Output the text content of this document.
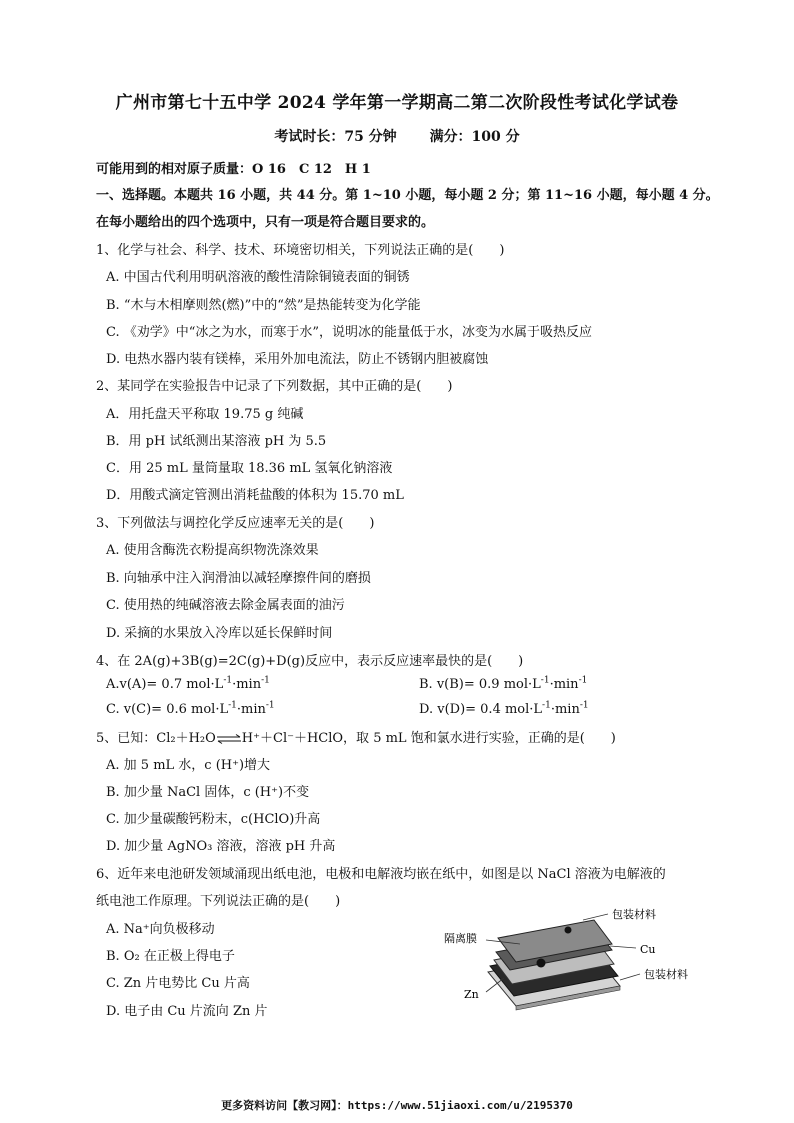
广州市第七十五中学 2024 学年第一学期高二第二次阶段性考试化学试卷
考试时长：75 分钟 满分：100 分
可能用到的相对原子质量：O 16　C 12　H 1
一、选择题。本题共 16 小题，共 44 分。第 1~10 小题，每小题 2 分；第 11~16 小题，每小题 4 分。
在每小题给出的四个选项中，只有一项是符合题目要求的。
1、化学与社会、科学、技术、环境密切相关，下列说法正确的是(　　)
A. 中国古代利用明矾溶液的酸性清除铜镜表面的铜锈
B. “木与木相摩则然(燃)”中的“然”是热能转变为化学能
C. 《劝学》中“冰之为水，而寒于水”，说明冰的能量低于水，冰变为水属于吸热反应
D. 电热水器内装有镁棒，采用外加电流法，防止不锈钢内胆被腐蚀
2、某同学在实验报告中记录了下列数据，其中正确的是(　　)
A．用托盘天平称取 19.75 g 纯碱
B．用 pH 试纸测出某溶液 pH 为 5.5
C．用 25 mL 量筒量取 18.36 mL 氢氧化钠溶液
D．用酸式滴定管测出消耗盐酸的体积为 15.70 mL
3、下列做法与调控化学反应速率无关的是(　　)
A. 使用含酶洗衣粉提高织物洗涤效果
B. 向轴承中注入润滑油以减轻摩擦件间的磨损
C. 使用热的纯碱溶液去除金属表面的油污
D. 采摘的水果放入冷库以延长保鲜时间
4、在 2A(g)+3B(g)=2C(g)+D(g)反应中，表示反应速率最快的是(　　)
A.v(A)= 0.7 $mol\cdot L^{-1}\cdot\min^{-1}$	B. v(B)= 0.9 $mol\cdot L^{-1}\cdot\min^{-1}$
C. v(C)= 0.6 $mol\cdot L^{-1}\cdot\min^{-1}$	D. v(D)= 0.4 $mol\cdot L^{-1}\cdot\min^{-1}$
5、已知：Cl₂＋H₂O⇌H⁺＋Cl⁻＋HClO，取 5 mL 饱和氯水进行实验，正确的是(　　)
A. 加 5 mL 水，c (H⁺)增大
B. 加少量 NaCl 固体，c (H⁺)不变
C. 加少量碳酸钙粉末，c(HClO)升高
D. 加少量 AgNO₃ 溶液，溶液 pH 升高
6、近年来电池研发领域涌现出纸电池，电极和电解液均嵌在纸中，如图是以 NaCl 溶液为电解液的
纸电池工作原理。下列说法正确的是(　　)
A. Na⁺向负极移动
B. O₂ 在正极上得电子
C. Zn 片电势比 Cu 片高
D. 电子由 Cu 片流向 Zn 片
包装材料
隔离膜
Cu
包装材料
Zn
更多资料访问【教习网】：https://www.51jiaoxi.com/u/2195370
